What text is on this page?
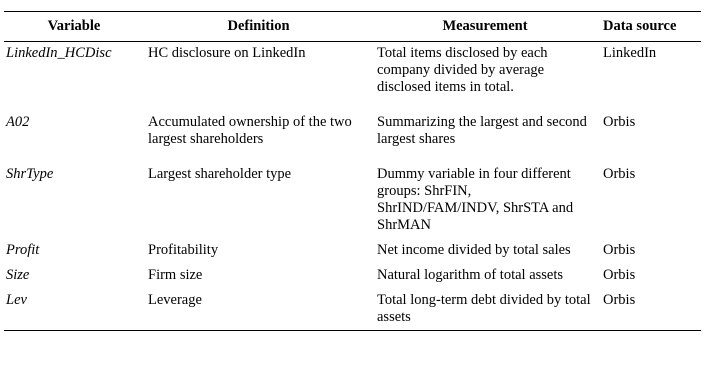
Variable	Definition	Measurement	Data source
LinkedIn_HCDisc	HC disclosure on LinkedIn	Total items disclosed by each company divided by average disclosed items in total.	LinkedIn
A02	Accumulated ownership of the two largest shareholders	Summarizing the largest and second largest shares	Orbis
ShrType	Largest shareholder type	Dummy variable in four different groups: ShrFIN, ShrIND/FAM/INDV, ShrSTA and ShrMAN	Orbis
Profit	Profitability	Net income divided by total sales	Orbis
Size	Firm size	Natural logarithm of total assets	Orbis
Lev	Leverage	Total long-term debt divided by total assets	Orbis
